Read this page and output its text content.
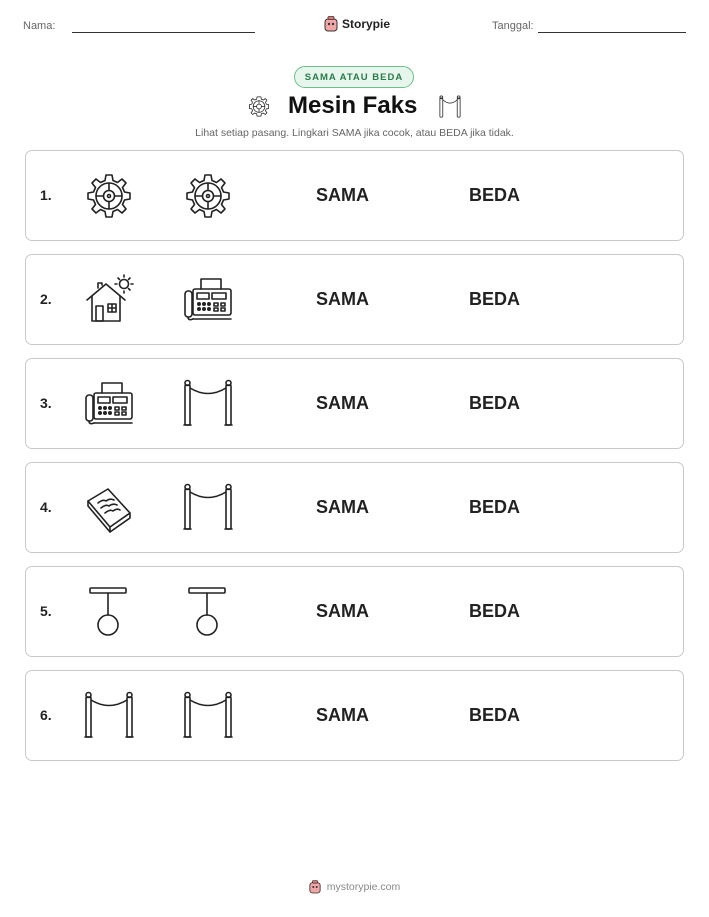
Nama:	Storypie	Tanggal:
SAMA ATAU BEDA
Mesin Faks
Lihat setiap pasang. Lingkari SAMA jika cocok, atau BEDA jika tidak.
1.	SAMA	BEDA
2.	SAMA	BEDA
3.	SAMA	BEDA
4.	SAMA	BEDA
5.	SAMA	BEDA
6.	SAMA	BEDA
mystorypie.com
